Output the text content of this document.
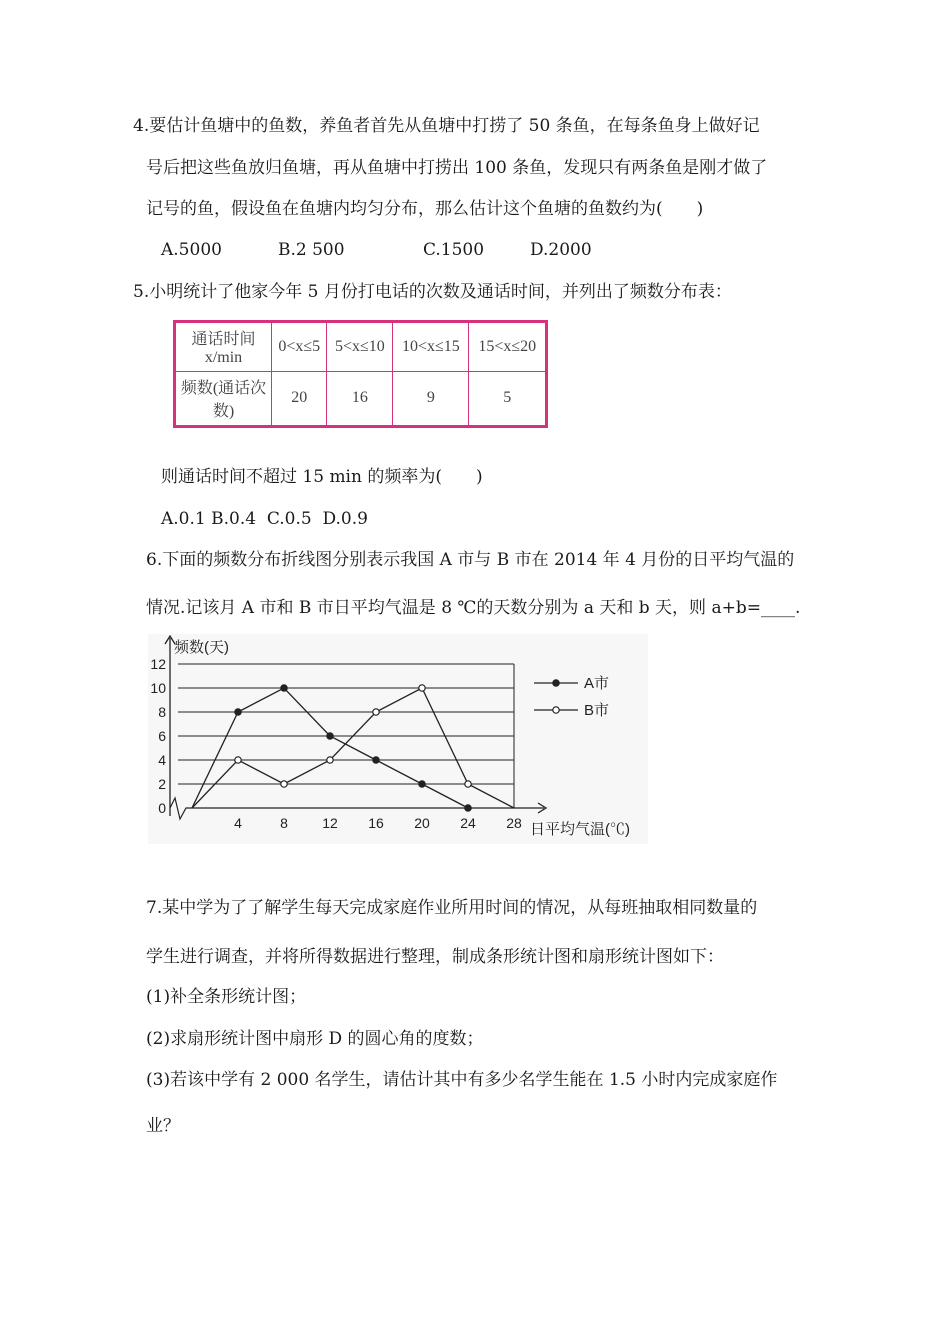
4.要估计鱼塘中的鱼数，养鱼者首先从鱼塘中打捞了 50 条鱼，在每条鱼身上做好记
号后把这些鱼放归鱼塘，再从鱼塘中打捞出 100 条鱼，发现只有两条鱼是刚才做了
记号的鱼，假设鱼在鱼塘内均匀分布，那么估计这个鱼塘的鱼数约为(　　)
A.5000	B.2 500	C.1500	D.2000
5.小明统计了他家今年 5 月份打电话的次数及通话时间，并列出了频数分布表：
通话时间 x/min	0<x≤5	5<x≤10	10<x≤15	15<x≤20
频数(通话次数)	20	16	9	5
则通话时间不超过 15 min 的频率为(　　)
A.0.1 B.0.4  C.0.5  D.0.9
6.下面的频数分布折线图分别表示我国 A 市与 B 市在 2014 年 4 月份的日平均气温的
情况.记该月 A 市和 B 市日平均气温是 8 ℃的天数分别为 a 天和 b 天，则 a+b=____.
0
2
4
6
8
10
12
4	8 12 16 20 24 28
A市
B市
频数(天)
日平均气温(℃)
7.某中学为了了解学生每天完成家庭作业所用时间的情况，从每班抽取相同数量的
学生进行调查，并将所得数据进行整理，制成条形统计图和扇形统计图如下：
(1)补全条形统计图；
(2)求扇形统计图中扇形 D 的圆心角的度数；
(3)若该中学有 2 000 名学生，请估计其中有多少名学生能在 1.5 小时内完成家庭作
业？
